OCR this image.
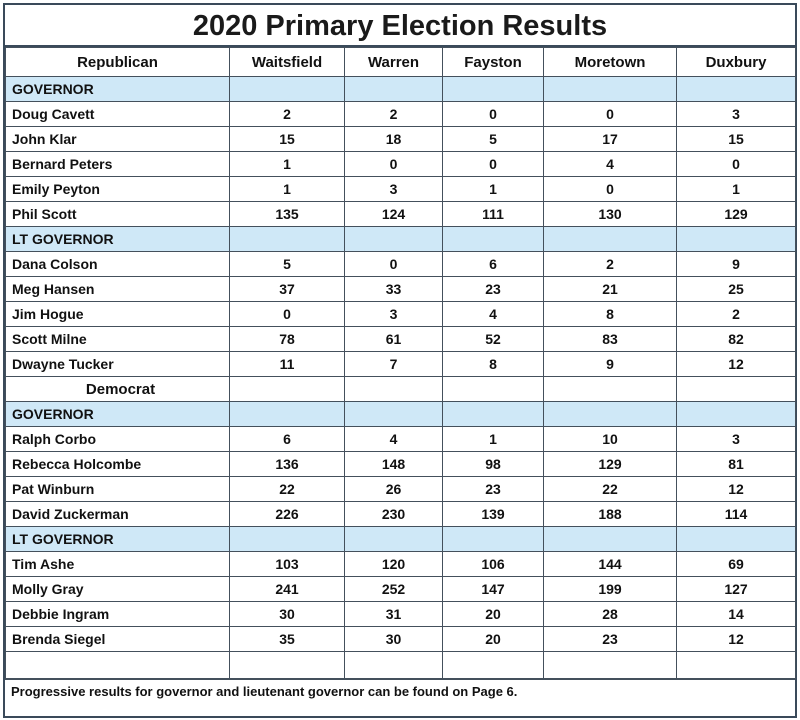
2020 Primary Election Results
Republican	Waitsfield	Warren	Fayston	Moretown	Duxbury
GOVERNOR					
Doug Cavett	2	2	0	0	3
John Klar	15	18	5	17	15
Bernard Peters	1	0	0	4	0
Emily Peyton	1	3	1	0	1
Phil Scott	135	124	111	130	129
LT GOVERNOR					
Dana Colson	5	0	6	2	9
Meg Hansen	37	33	23	21	25
Jim Hogue	0	3	4	8	2
Scott Milne	78	61	52	83	82
Dwayne Tucker	11	7	8	9	12
Democrat					
GOVERNOR					
Ralph Corbo	6	4	1	10	3
Rebecca Holcombe	136	148	98	129	81
Pat Winburn	22	26	23	22	12
David Zuckerman	226	230	139	188	114
LT GOVERNOR					
Tim Ashe	103	120	106	144	69
Molly Gray	241	252	147	199	127
Debbie Ingram	30	31	20	28	14
Brenda Siegel	35	30	20	23	12

Progressive results for governor and lieutenant governor can be found on Page 6.
